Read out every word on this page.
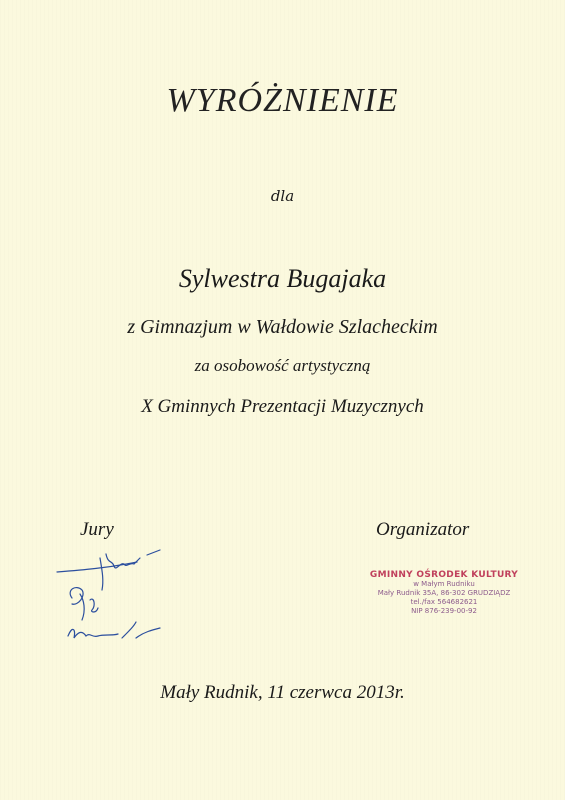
WYRÓŻNIENIE
dla
Sylwestra Bugajaka
z Gimnazjum w Wałdowie Szlacheckim
za osobowość artystyczną
X Gminnych Prezentacji Muzycznych
Jury	Organizator
GMINNY OŚRODEK KULTURY
w Małym Rudniku
Mały Rudnik 35A, 86-302 GRUDZIĄDZ
tel./fax 564682621
NIP 876-239-00-92
Mały Rudnik, 11 czerwca 2013r.
